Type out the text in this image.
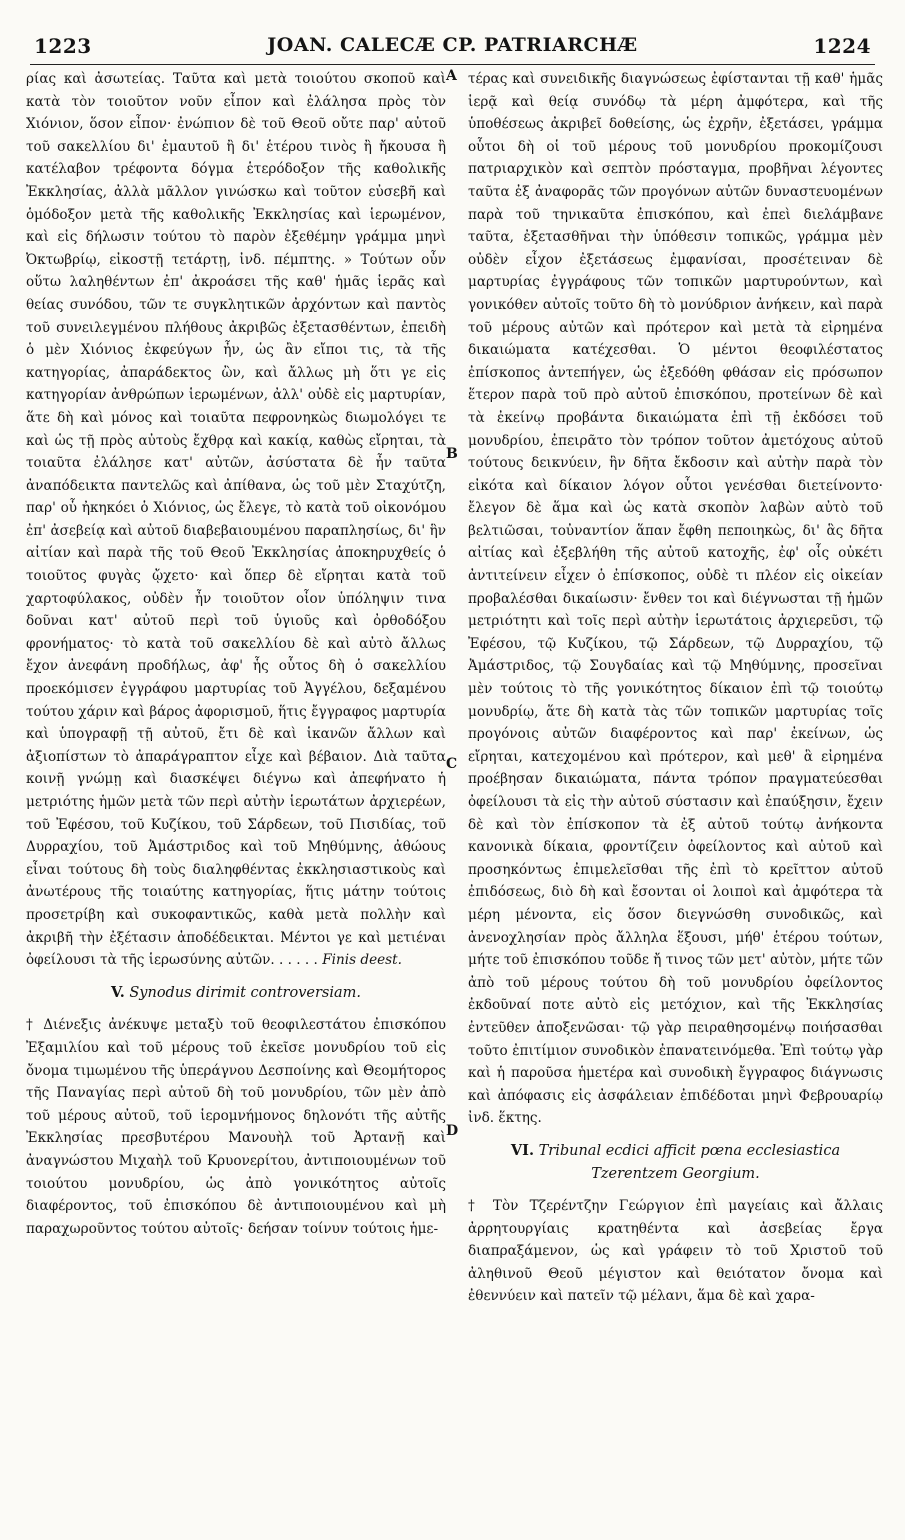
1223	JOAN. CALECÆ CP. PATRIARCHÆ	1224
A
B
C
D

ρίας καὶ ἀσωτείας. Ταῦτα καὶ μετὰ τοιούτου σκοποῦ καὶ κατὰ τὸν τοιοῦτον νοῦν εἶπον καὶ ἐλάλησα πρὸς τὸν Χιόνιον, ὅσον εἶπον· ἐνώπιον δὲ τοῦ Θεοῦ οὔτε παρ' αὐτοῦ τοῦ σακελλίου δι' ἐμαυτοῦ ἢ δι' ἑτέρου τινὸς ἢ ἤκουσα ἢ κατέλαβον τρέφοντα δόγμα ἑτερόδοξον τῆς καθολικῆς Ἐκκλησίας, ἀλλὰ μᾶλλον γινώσκω καὶ τοῦτον εὐσεβῆ καὶ ὁμόδοξον μετὰ τῆς καθολικῆς Ἐκκλησίας καὶ ἱερωμένον, καὶ εἰς δήλωσιν τούτου τὸ παρὸν ἐξεθέμην γράμμα μηνὶ Ὀκτωβρίῳ, εἰκοστῇ τετάρτῃ, ἰνδ. πέμπτης. » Τούτων οὖν οὕτω λαληθέντων ἐπ' ἀκροάσει τῆς καθ' ἡμᾶς ἱερᾶς καὶ θείας συνόδου, τῶν τε συγκλητικῶν ἀρχόντων καὶ παντὸς τοῦ συνειλεγμένου πλήθους ἀκριβῶς ἐξετασθέντων, ἐπειδὴ ὁ μὲν Χιόνιος ἐκφεύγων ἦν, ὡς ἂν εἴποι τις, τὰ τῆς κατηγορίας, ἀπαράδεκτος ὢν, καὶ ἄλλως μὴ ὅτι γε εἰς κατηγορίαν ἀνθρώπων ἱερωμένων, ἀλλ' οὐδὲ εἰς μαρτυρίαν, ἅτε δὴ καὶ μόνος καὶ τοιαῦτα πεφρονηκὼς διωμολόγει τε καὶ ὡς τῇ πρὸς αὐτοὺς ἔχθρᾳ καὶ κακίᾳ, καθὼς εἴρηται, τὰ τοιαῦτα ἐλάλησε κατ' αὐτῶν, ἀσύστατα δὲ ἦν ταῦτα ἀναπόδεικτα παντελῶς καὶ ἀπίθανα, ὡς τοῦ μὲν Σταχύτζη, παρ' οὗ ἠκηκόει ὁ Χιόνιος, ὡς ἔλεγε, τὸ κατὰ τοῦ οἰκονόμου ἐπ' ἀσεβείᾳ καὶ αὐτοῦ διαβεβαιουμένου παραπλησίως, δι' ἣν αἰτίαν καὶ παρὰ τῆς τοῦ Θεοῦ Ἐκκλησίας ἀποκηρυχθείς ὁ τοιοῦτος φυγὰς ᾤχετο· καὶ ὅπερ δὲ εἴρηται κατὰ τοῦ χαρτοφύλακος, οὐδὲν ἦν τοιοῦτον οἷον ὑπόληψιν τινα δοῦναι κατ' αὐτοῦ περὶ τοῦ ὑγιοῦς καὶ ὀρθοδόξου φρονήματος· τὸ κατὰ τοῦ σακελλίου δὲ καὶ αὐτὸ ἄλλως ἔχον ἀνεφάνη προδήλως, ἀφ' ἧς οὗτος δὴ ὁ σακελλίου προεκόμισεν ἐγγράφου μαρτυρίας τοῦ Ἀγγέλου, δεξαμένου τούτου χάριν καὶ βάρος ἀφορισμοῦ, ἥτις ἔγγραφος μαρτυρία καὶ ὑπογραφῇ τῇ αὐτοῦ, ἔτι δὲ καὶ ἱκανῶν ἄλλων καὶ ἀξιοπίστων τὸ ἀπαράγραπτον εἶχε καὶ βέβαιον. Διὰ ταῦτα κοινῇ γνώμῃ καὶ διασκέψει διέγνω καὶ ἀπεφήνατο ἡ μετριότης ἡμῶν μετὰ τῶν περὶ αὐτὴν ἱερωτάτων ἀρχιερέων, τοῦ Ἐφέσου, τοῦ Κυζίκου, τοῦ Σάρδεων, τοῦ Πισιδίας, τοῦ Δυρραχίου, τοῦ Ἀμάστριδος καὶ τοῦ Μηθύμνης, ἀθώους εἶναι τούτους δὴ τοὺς διαληφθέντας ἐκκλησιαστικοὺς καὶ ἀνωτέρους τῆς τοιαύτης κατηγορίας, ἥτις μάτην τούτοις προσετρίβη καὶ συκοφαντικῶς, καθὰ μετὰ πολλὴν καὶ ἀκριβῆ τὴν ἐξέτασιν ἀποδέδεικται. Μέντοι γε καὶ μετιέναι ὀφείλουσι τὰ τῆς ἱερωσύνης αὐτῶν. . . . . . Finis deest.

V. Synodus dirimit controversiam.

† Διένεξις ἀνέκυψε μεταξὺ τοῦ θεοφιλεστάτου ἐπισκόπου Ἐξαμιλίου καὶ τοῦ μέρους τοῦ ἐκεῖσε μονυδρίου τοῦ εἰς ὄνομα τιμωμένου τῆς ὑπεράγνου Δεσποίνης καὶ Θεομήτορος τῆς Παναγίας περὶ αὐτοῦ δὴ τοῦ μονυδρίου, τῶν μὲν ἀπὸ τοῦ μέρους αὐτοῦ, τοῦ ἱερομνήμονος δηλονότι τῆς αὐτῆς Ἐκκλησίας πρεσβυτέρου Μανουὴλ τοῦ Ἀρτανῇ καὶ ἀναγνώστου Μιχαὴλ τοῦ Κρυονερίτου, ἀντιποιουμένων τοῦ τοιούτου μονυδρίου, ὡς ἀπὸ γονικότητος αὐτοῖς διαφέροντος, τοῦ ἐπισκόπου δὲ ἀντιποιουμένου καὶ μὴ παραχωροῦντος τούτου αὐτοῖς· δεήσαν τοίνυν τούτοις ἡμε-

τέρας καὶ συνειδικῆς διαγνώσεως ἐφίστανται τῇ καθ' ἡμᾶς ἱερᾷ καὶ θείᾳ συνόδῳ τὰ μέρη ἀμφότερα, καὶ τῆς ὑποθέσεως ἀκριβεῖ δοθείσης, ὡς ἐχρῆν, ἐξετάσει, γράμμα οὗτοι δὴ οἱ τοῦ μέρους τοῦ μονυδρίου προκομίζουσι πατριαρχικὸν καὶ σεπτὸν πρόσταγμα, προβῆναι λέγοντες ταῦτα ἐξ ἀναφορᾶς τῶν προγόνων αὐτῶν δυναστευομένων παρὰ τοῦ τηνικαῦτα ἐπισκόπου, καὶ ἐπεὶ διελάμβανε ταῦτα, ἐξετασθῆναι τὴν ὑπόθεσιν τοπικῶς, γράμμα μὲν οὐδὲν εἶχον ἐξετάσεως ἐμφανίσαι, προσέτειναν δὲ μαρτυρίας ἐγγράφους τῶν τοπικῶν μαρτυρούντων, καὶ γονικόθεν αὐτοῖς τοῦτο δὴ τὸ μονύδριον ἀνήκειν, καὶ παρὰ τοῦ μέρους αὐτῶν καὶ πρότερον καὶ μετὰ τὰ εἰρημένα δικαιώματα κατέχεσθαι. Ὁ μέντοι θεοφιλέστατος ἐπίσκοπος ἀντεπήγεν, ὡς ἐξεδόθη φθάσαν εἰς πρόσωπον ἕτερον παρὰ τοῦ πρὸ αὐτοῦ ἐπισκόπου, προτείνων δὲ καὶ τὰ ἐκείνῳ προβάντα δικαιώματα ἐπὶ τῇ ἐκδόσει τοῦ μονυδρίου, ἐπειρᾶτο τὸν τρόπον τοῦτον ἀμετόχους αὐτοῦ τούτους δεικνύειν, ἣν δῆτα ἔκδοσιν καὶ αὐτὴν παρὰ τὸν εἰκότα καὶ δίκαιον λόγον οὗτοι γενέσθαι διετείνοντο· ἔλεγον δὲ ἅμα καὶ ὡς κατὰ σκοπὸν λαβὼν αὐτὸ τοῦ βελτιῶσαι, τοὐναντίον ἅπαν ἔφθη πεποιηκὼς, δι' ἃς δῆτα αἰτίας καὶ ἐξεβλήθη τῆς αὐτοῦ κατοχῆς, ἐφ' οἷς οὐκέτι ἀντιτείνειν εἶχεν ὁ ἐπίσκοπος, οὐδὲ τι πλέον εἰς οἰκείαν προβαλέσθαι δικαίωσιν· ἔνθεν τοι καὶ διέγνωσται τῇ ἡμῶν μετριότητι καὶ τοῖς περὶ αὐτὴν ἱερωτάτοις ἀρχιερεῦσι, τῷ Ἐφέσου, τῷ Κυζίκου, τῷ Σάρδεων, τῷ Δυρραχίου, τῷ Ἀμάστριδος, τῷ Σουγδαίας καὶ τῷ Μηθύμνης, προσεῖναι μὲν τούτοις τὸ τῆς γονικότητος δίκαιον ἐπὶ τῷ τοιούτῳ μονυδρίῳ, ἅτε δὴ κατὰ τὰς τῶν τοπικῶν μαρτυρίας τοῖς προγόνοις αὐτῶν διαφέροντος καὶ παρ' ἐκείνων, ὡς εἴρηται, κατεχομένου καὶ πρότερον, καὶ μεθ' ἃ εἰρημένα προέβησαν δικαιώματα, πάντα τρόπον πραγματεύεσθαι ὀφείλουσι τὰ εἰς τὴν αὐτοῦ σύστασιν καὶ ἐπαύξησιν, ἔχειν δὲ καὶ τὸν ἐπίσκοπον τὰ ἐξ αὐτοῦ τούτῳ ἀνήκοντα κανονικὰ δίκαια, φροντίζειν ὀφείλοντος καὶ αὐτοῦ καὶ προσηκόντως ἐπιμελεῖσθαι τῆς ἐπὶ τὸ κρεῖττον αὐτοῦ ἐπιδόσεως, διὸ δὴ καὶ ἔσονται οἱ λοιποὶ καὶ ἀμφότερα τὰ μέρη μένοντα, εἰς ὅσον διεγνώσθη συνοδικῶς, καὶ ἀνενοχλησίαν πρὸς ἄλληλα ἕξουσι, μήθ' ἑτέρου τούτων, μήτε τοῦ ἐπισκόπου τοῦδε ἤ τινος τῶν μετ' αὐτὸν, μήτε τῶν ἀπὸ τοῦ μέρους τούτου δὴ τοῦ μονυδρίου ὀφείλοντος ἐκδοῦναί ποτε αὐτὸ εἰς μετόχιον, καὶ τῆς Ἐκκλησίας ἐντεῦθεν ἀποξενῶσαι· τῷ γὰρ πειραθησομένῳ ποιήσασθαι τοῦτο ἐπιτίμιον συνοδικὸν ἐπανατεινόμεθα. Ἐπὶ τούτῳ γὰρ καὶ ἡ παροῦσα ἡμετέρα καὶ συνοδικὴ ἔγγραφος διάγνωσις καὶ ἀπόφασις εἰς ἀσφάλειαν ἐπιδέδοται μηνὶ Φεβρουαρίῳ ἰνδ. ἕκτης.

VI. Tribunal ecdici afficit pœna ecclesiastica Tzerentzem Georgium.

† Τὸν Τζερέντζην Γεώργιον ἐπὶ μαγείαις καὶ ἄλλαις ἀρρητουργίαις κρατηθέντα καὶ ἀσεβείας ἔργα διαπραξάμενον, ὡς καὶ γράφειν τὸ τοῦ Χριστοῦ τοῦ ἀληθινοῦ Θεοῦ μέγιστον καὶ θειότατον ὄνομα καὶ ἐθεννύειν καὶ πατεῖν τῷ μέλανι, ἅμα δὲ καὶ χαρα-
